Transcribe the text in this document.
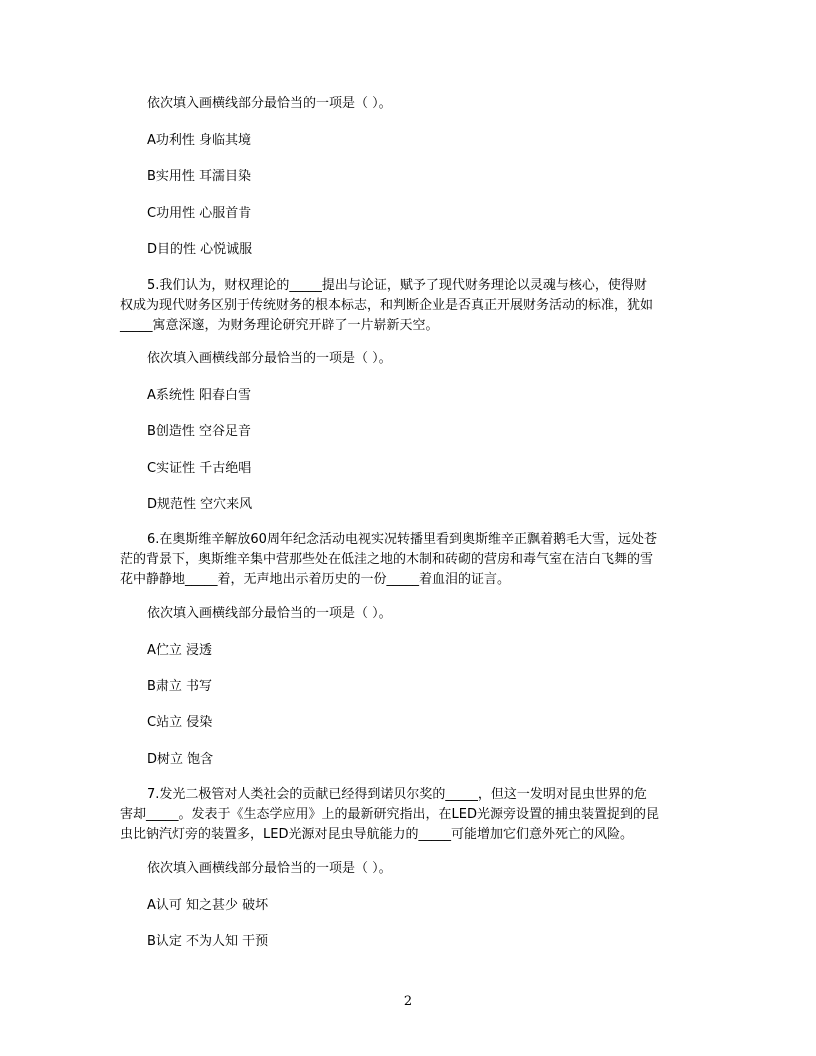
依次填入画横线部分最恰当的一项是（ ）。
A功利性 身临其境
B实用性 耳濡目染
C功用性 心服首肯
D目的性 心悦诚服
5.我们认为，财权理论的_____提出与论证，赋予了现代财务理论以灵魂与核心，使得财
权成为现代财务区别于传统财务的根本标志，和判断企业是否真正开展财务活动的标准，犹如
_____寓意深邃，为财务理论研究开辟了一片崭新天空。
依次填入画横线部分最恰当的一项是（ ）。
A系统性 阳春白雪
B创造性 空谷足音
C实证性 千古绝唱
D规范性 空穴来风
6.在奥斯维辛解放60周年纪念活动电视实况转播里看到奥斯维辛正飘着鹅毛大雪，远处苍
茫的背景下，奥斯维辛集中营那些处在低洼之地的木制和砖砌的营房和毒气室在洁白飞舞的雪
花中静静地_____着，无声地出示着历史的一份_____着血泪的证言。
依次填入画横线部分最恰当的一项是（ ）。
A伫立 浸透
B肃立 书写
C站立 侵染
D树立 饱含
7.发光二极管对人类社会的贡献已经得到诺贝尔奖的_____，但这一发明对昆虫世界的危
害却_____。发表于《生态学应用》上的最新研究指出，在LED光源旁设置的捕虫装置捉到的昆
虫比钠汽灯旁的装置多，LED光源对昆虫导航能力的_____可能增加它们意外死亡的风险。
依次填入画横线部分最恰当的一项是（ ）。
A认可 知之甚少 破坏
B认定 不为人知 干预
2
